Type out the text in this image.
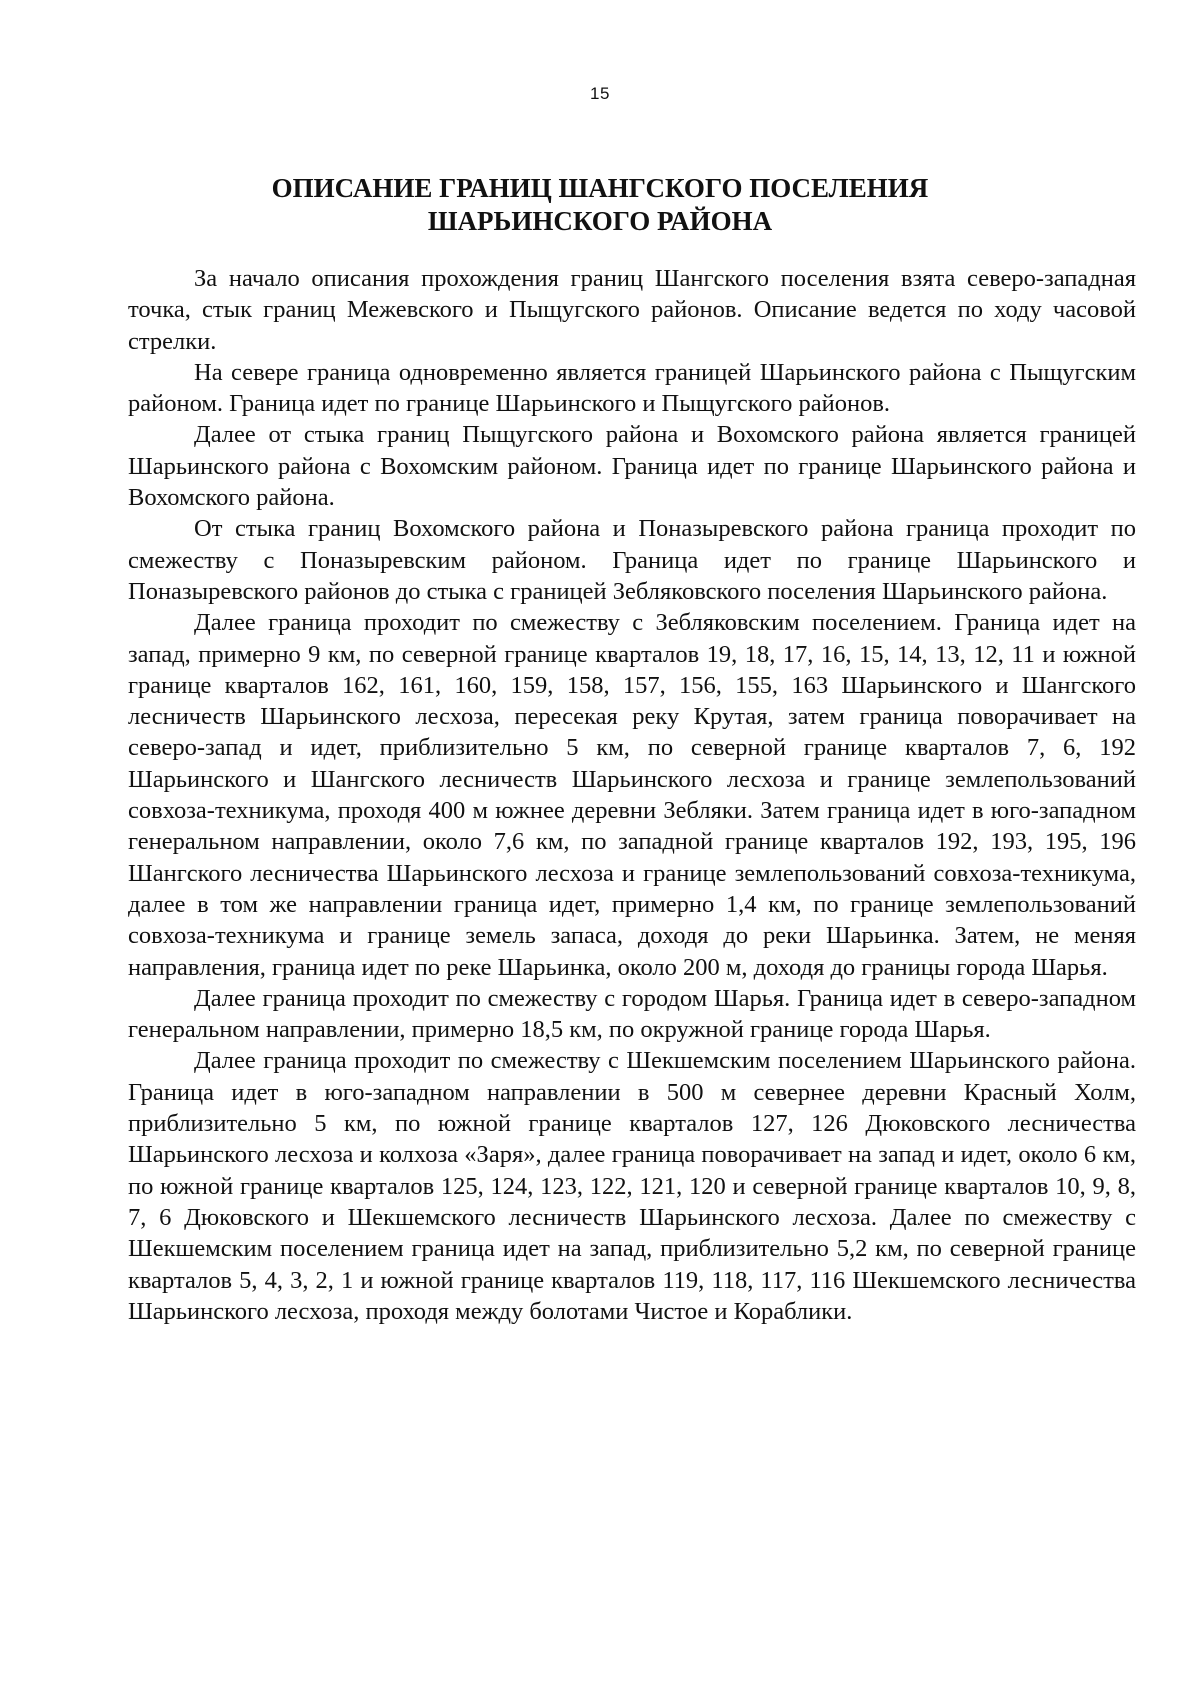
15
ОПИСАНИЕ ГРАНИЦ ШАНГСКОГО ПОСЕЛЕНИЯ
ШАРЬИНСКОГО РАЙОНА

За начало описания прохождения границ Шангского поселения взята северо-западная точка, стык границ Межевского и Пыщугского районов. Описание ведется по ходу часовой стрелки.

На севере граница одновременно является границей Шарьинского района с Пыщугским районом. Граница идет по границе Шарьинского и Пыщугского районов.

Далее от стыка границ Пыщугского района и Вохомского района является границей Шарьинского района с Вохомским районом. Граница идет по границе Шарьинского района и Вохомского района.

От стыка границ Вохомского района и Поназыревского района граница проходит по смежеству с Поназыревским районом. Граница идет по границе Шарьинского и Поназыревского районов до стыка с границей Зебляковского поселения Шарьинского района.

Далее граница проходит по смежеству с Зебляковским поселением. Граница идет на запад, примерно 9 км, по северной границе кварталов 19, 18, 17, 16, 15, 14, 13, 12, 11 и южной границе кварталов 162, 161, 160, 159, 158, 157, 156, 155, 163 Шарьинского и Шангского лесничеств Шарьинского лесхоза, пересекая реку Крутая, затем граница поворачивает на северо-запад и идет, приблизительно 5 км, по северной границе кварталов 7, 6, 192 Шарьинского и Шангского лесничеств Шарьинского лесхоза и границе землепользований совхоза-техникума, проходя 400 м южнее деревни Зебляки. Затем граница идет в юго-западном генеральном направлении, около 7,6 км, по западной границе кварталов 192, 193, 195, 196 Шангского лесничества Шарьинского лесхоза и границе землепользований совхоза-техникума, далее в том же направлении граница идет, примерно 1,4 км, по границе землепользований совхоза-техникума и границе земель запаса, доходя до реки Шарьинка. Затем, не меняя направления, граница идет по реке Шарьинка, около 200 м, доходя до границы города Шарья.

Далее граница проходит по смежеству с городом Шарья. Граница идет в северо-западном генеральном направлении, примерно 18,5 км, по окружной границе города Шарья.

Далее граница проходит по смежеству с Шекшемским поселением Шарьинского района. Граница идет в юго-западном направлении в 500 м севернее деревни Красный Холм, приблизительно 5 км, по южной границе кварталов 127, 126 Дюковского лесничества Шарьинского лесхоза и колхоза «Заря», далее граница поворачивает на запад и идет, около 6 км, по южной границе кварталов 125, 124, 123, 122, 121, 120 и северной границе кварталов 10, 9, 8, 7, 6 Дюковского и Шекшемского лесничеств Шарьинского лесхоза. Далее по смежеству с Шекшемским поселением граница идет на запад, приблизительно 5,2 км, по северной границе кварталов 5, 4, 3, 2, 1 и южной границе кварталов 119, 118, 117, 116 Шекшемского лесничества Шарьинского лесхоза, проходя между болотами Чистое и Кораблики.
